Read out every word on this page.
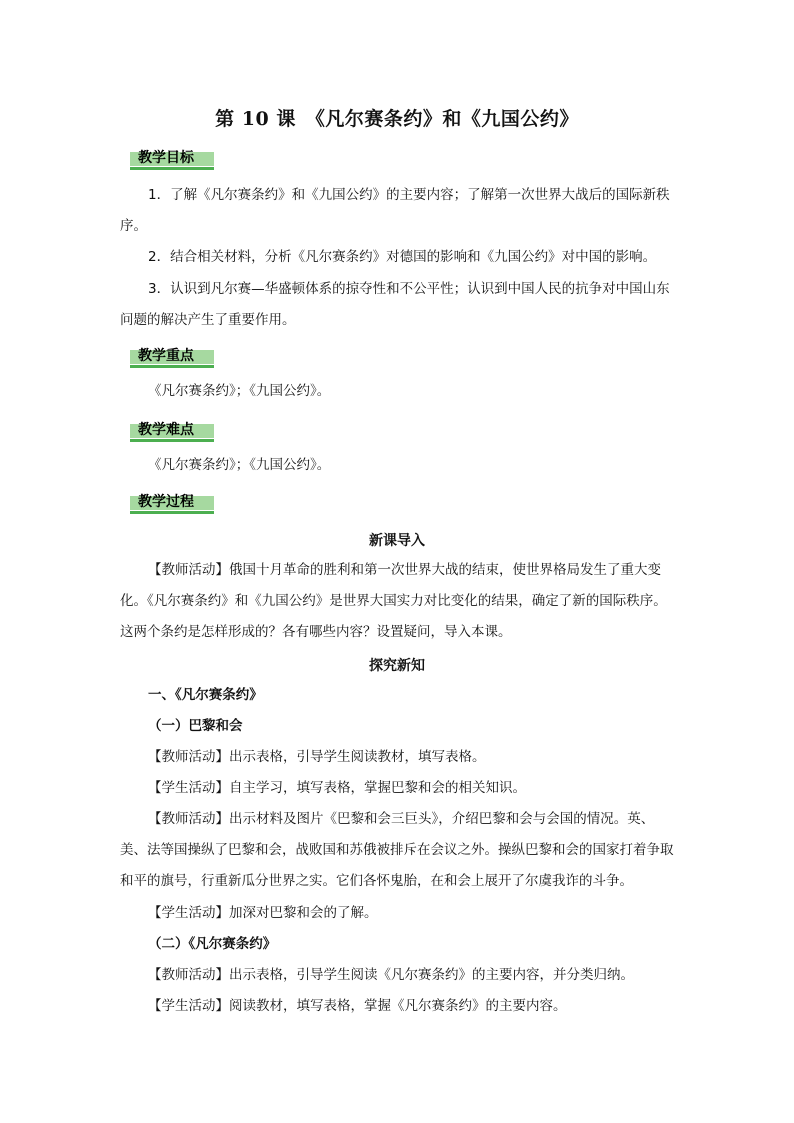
第 10 课　《凡尔赛条约》和《九国公约》
教学目标
1．了解《凡尔赛条约》和《九国公约》的主要内容；了解第一次世界大战后的国际新秩序。
2．结合相关材料，分析《凡尔赛条约》对德国的影响和《九国公约》对中国的影响。
3．认识到凡尔赛—华盛顿体系的掠夺性和不公平性；认识到中国人民的抗争对中国山东问题的解决产生了重要作用。
教学重点
《凡尔赛条约》；《九国公约》。
教学难点
《凡尔赛条约》；《九国公约》。
教学过程
新课导入
【教师活动】俄国十月革命的胜利和第一次世界大战的结束，使世界格局发生了重大变化。《凡尔赛条约》和《九国公约》是世界大国实力对比变化的结果，确定了新的国际秩序。这两个条约是怎样形成的？各有哪些内容？设置疑问，导入本课。
探究新知
一、《凡尔赛条约》
（一）巴黎和会
【教师活动】出示表格，引导学生阅读教材，填写表格。
【学生活动】自主学习，填写表格，掌握巴黎和会的相关知识。
【教师活动】出示材料及图片《巴黎和会三巨头》，介绍巴黎和会与会国的情况。英、美、法等国操纵了巴黎和会，战败国和苏俄被排斥在会议之外。操纵巴黎和会的国家打着争取和平的旗号，行重新瓜分世界之实。它们各怀鬼胎，在和会上展开了尔虞我诈的斗争。
【学生活动】加深对巴黎和会的了解。
（二）《凡尔赛条约》
【教师活动】出示表格，引导学生阅读《凡尔赛条约》的主要内容，并分类归纳。
【学生活动】阅读教材，填写表格，掌握《凡尔赛条约》的主要内容。
